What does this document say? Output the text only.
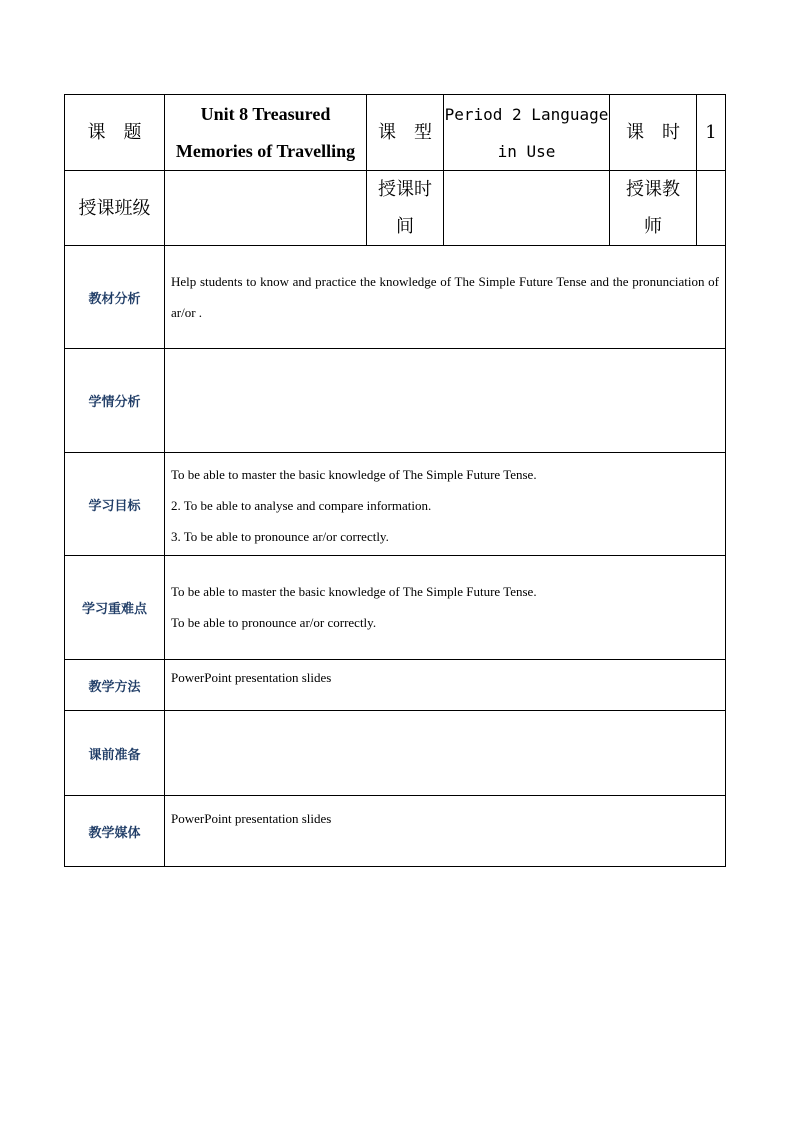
课　题	Unit 8 Treasured Memories of Travelling	课　型	Period 2 Language in Use	课　时	1
授课班级		授课时间		授课教师	
教材分析	Help students to know and practice the knowledge of The Simple Future Tense and the pronunciation of ar/or .				

学情分析					
学习目标	To be able to master the basic knowledge of The Simple Future Tense.

2. To be able to analyse and compare information.

3. To be able to pronounce ar/or correctly.				

学习重难点	To be able to master the basic knowledge of The Simple Future Tense.

To be able to pronounce ar/or correctly.				

教学方法	PowerPoint presentation slides				

课前准备					
教学媒体	PowerPoint presentation slides				
